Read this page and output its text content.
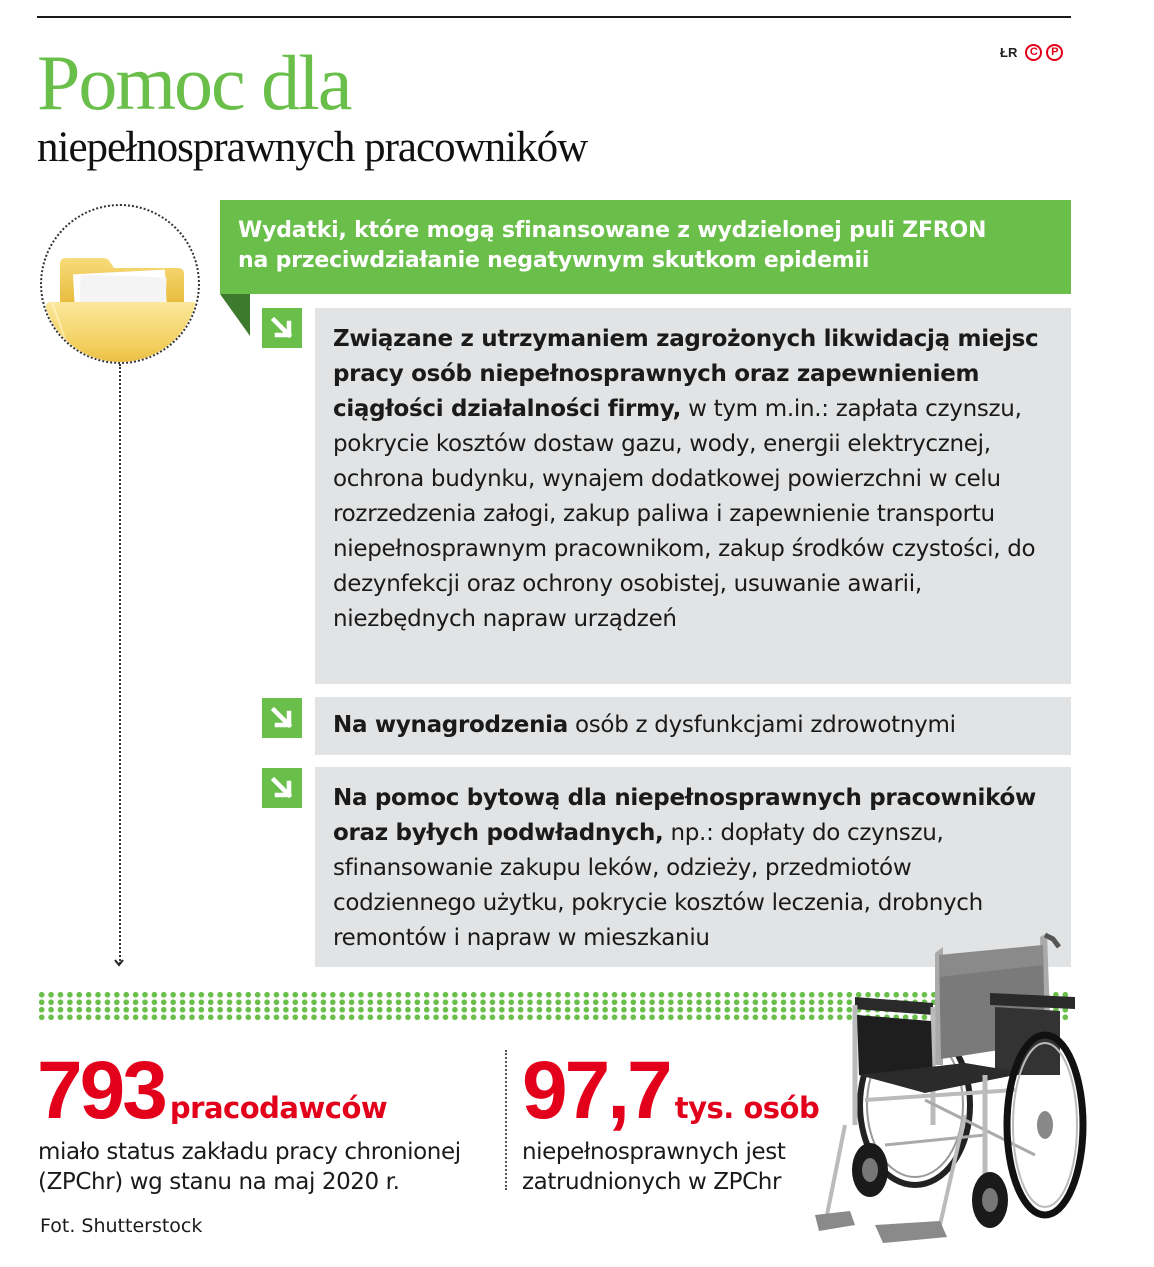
ŁR	C	P
Pomoc dla
niepełnosprawnych pracowników
Wydatki, które mogą sfinansowane z wydzielonej puli ZFRON
na przeciwdziałanie negatywnym skutkom epidemii
Związane z utrzymaniem zagrożonych likwidacją miejsc pracy osób niepełnosprawnych oraz zapewnieniem ciągłości działalności firmy, w tym m.in.: zapłata czynszu, pokrycie kosztów dostaw gazu, wody, energii elektrycznej, ochrona budynku, wynajem dodatkowej powierzchni w celu rozrzedzenia załogi, zakup paliwa i zapewnienie transportu niepełnosprawnym pracownikom, zakup środków czystości, do dezynfekcji oraz ochrony osobistej, usuwanie awarii, niezbędnych napraw urządzeń
Na wynagrodzenia osób z dysfunkcjami zdrowotnymi
Na pomoc bytową dla niepełnosprawnych pracowników oraz byłych podwładnych, np.: dopłaty do czynszu, sfinansowanie zakupu leków, odzieży, przedmiotów codziennego użytku, pokrycie kosztów leczenia, drobnych remontów i napraw w mieszkaniu
793 pracodawców
miało status zakładu pracy chronionej
(ZPChr) wg stanu na maj 2020 r.
97,7 tys. osób
niepełnosprawnych jest
zatrudnionych w ZPChr
Fot. Shutterstock
